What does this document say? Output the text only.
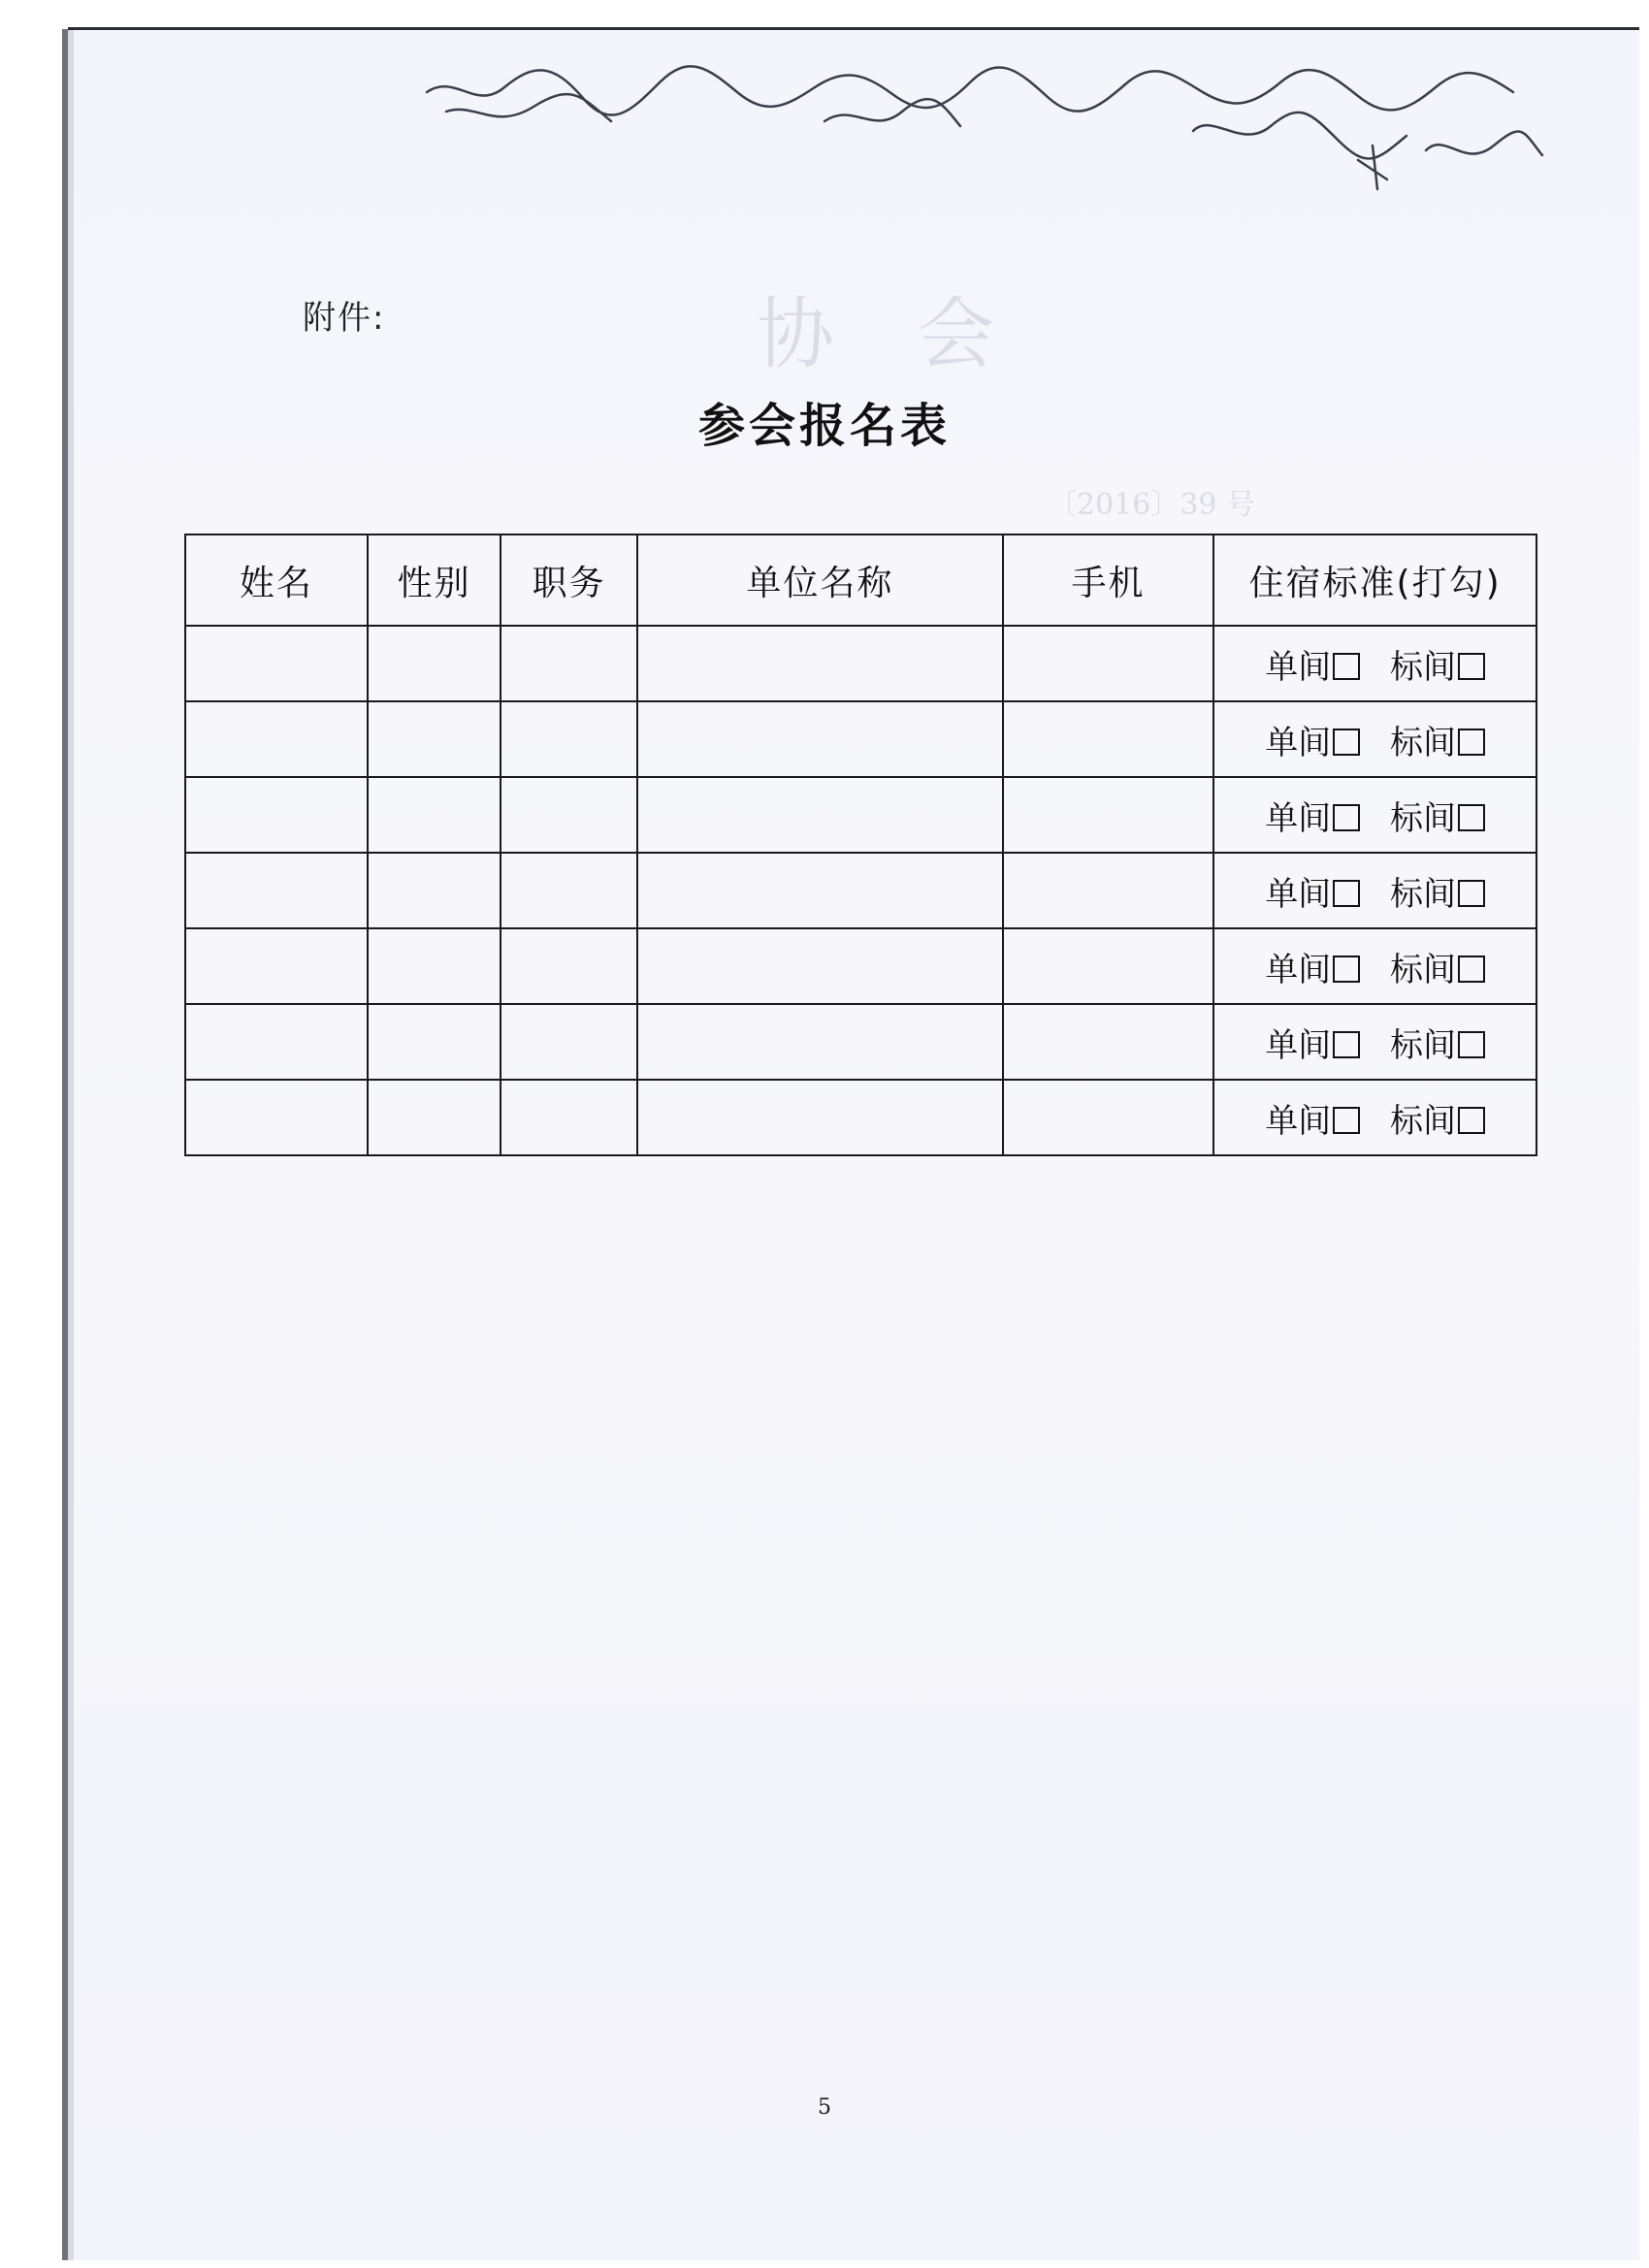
〔2016〕39 号
协 会
附件:
参会报名表
姓名	性别	职务	单位名称	手机	住宿标准(打勾)
					单间 标间
					单间 标间
					单间 标间
					单间 标间
					单间 标间
					单间 标间
					单间 标间
5
